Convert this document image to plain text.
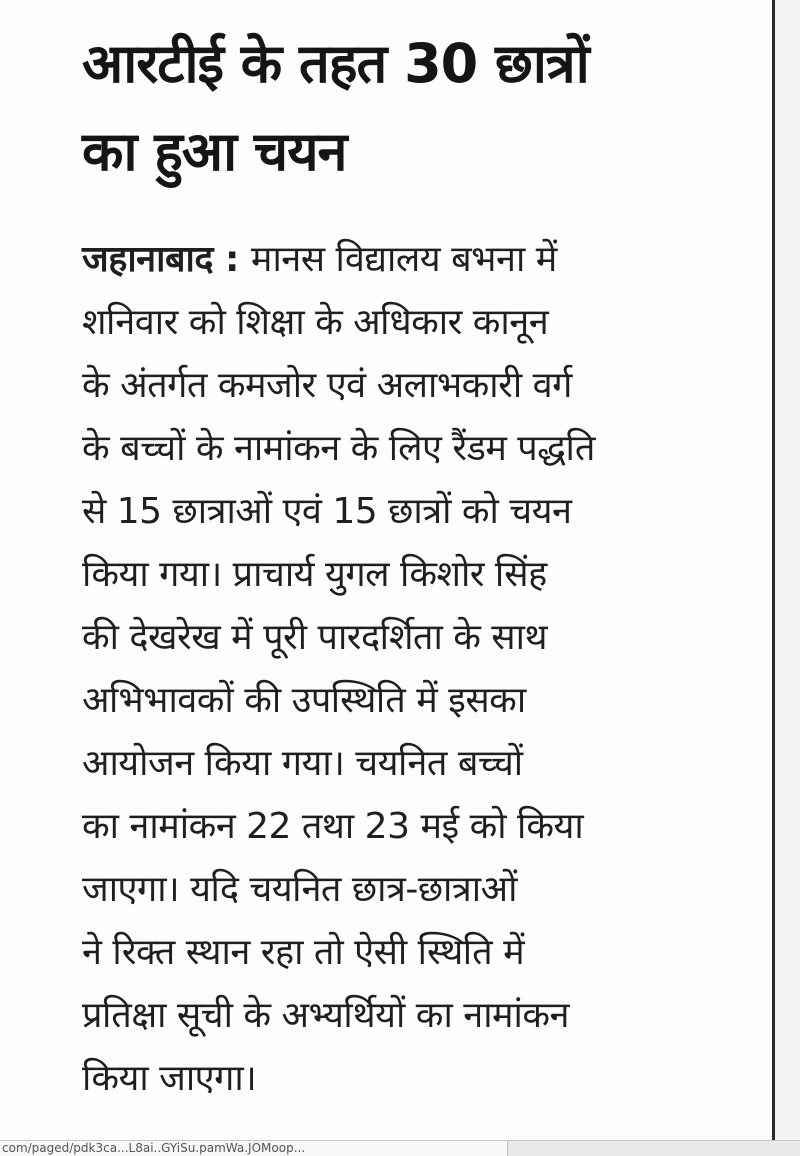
आरटीई के तहत 30 छात्रों
का हुआ चयन
जहानाबाद : मानस विद्यालय बभना में
शनिवार को शिक्षा के अधिकार कानून
के अंतर्गत कमजोर एवं अलाभकारी वर्ग
के बच्चों के नामांकन के लिए रैंडम पद्धति
से 15 छात्राओं एवं 15 छात्रों को चयन
किया गया। प्राचार्य युगल किशोर सिंह
की देखरेख में पूरी पारदर्शिता के साथ
अभिभावकों की उपस्थिति में इसका
आयोजन किया गया। चयनित बच्चों
का नामांकन 22 तथा 23 मई को किया
जाएगा। यदि चयनित छात्र-छात्राओं
ने रिक्त स्थान रहा तो ऐसी स्थिति में
प्रतिक्षा सूची के अभ्यर्थियों का नामांकन
किया जाएगा।
com/paged/pdk3ca...L8ai..GYiSu.pamWa.JOMoop...
